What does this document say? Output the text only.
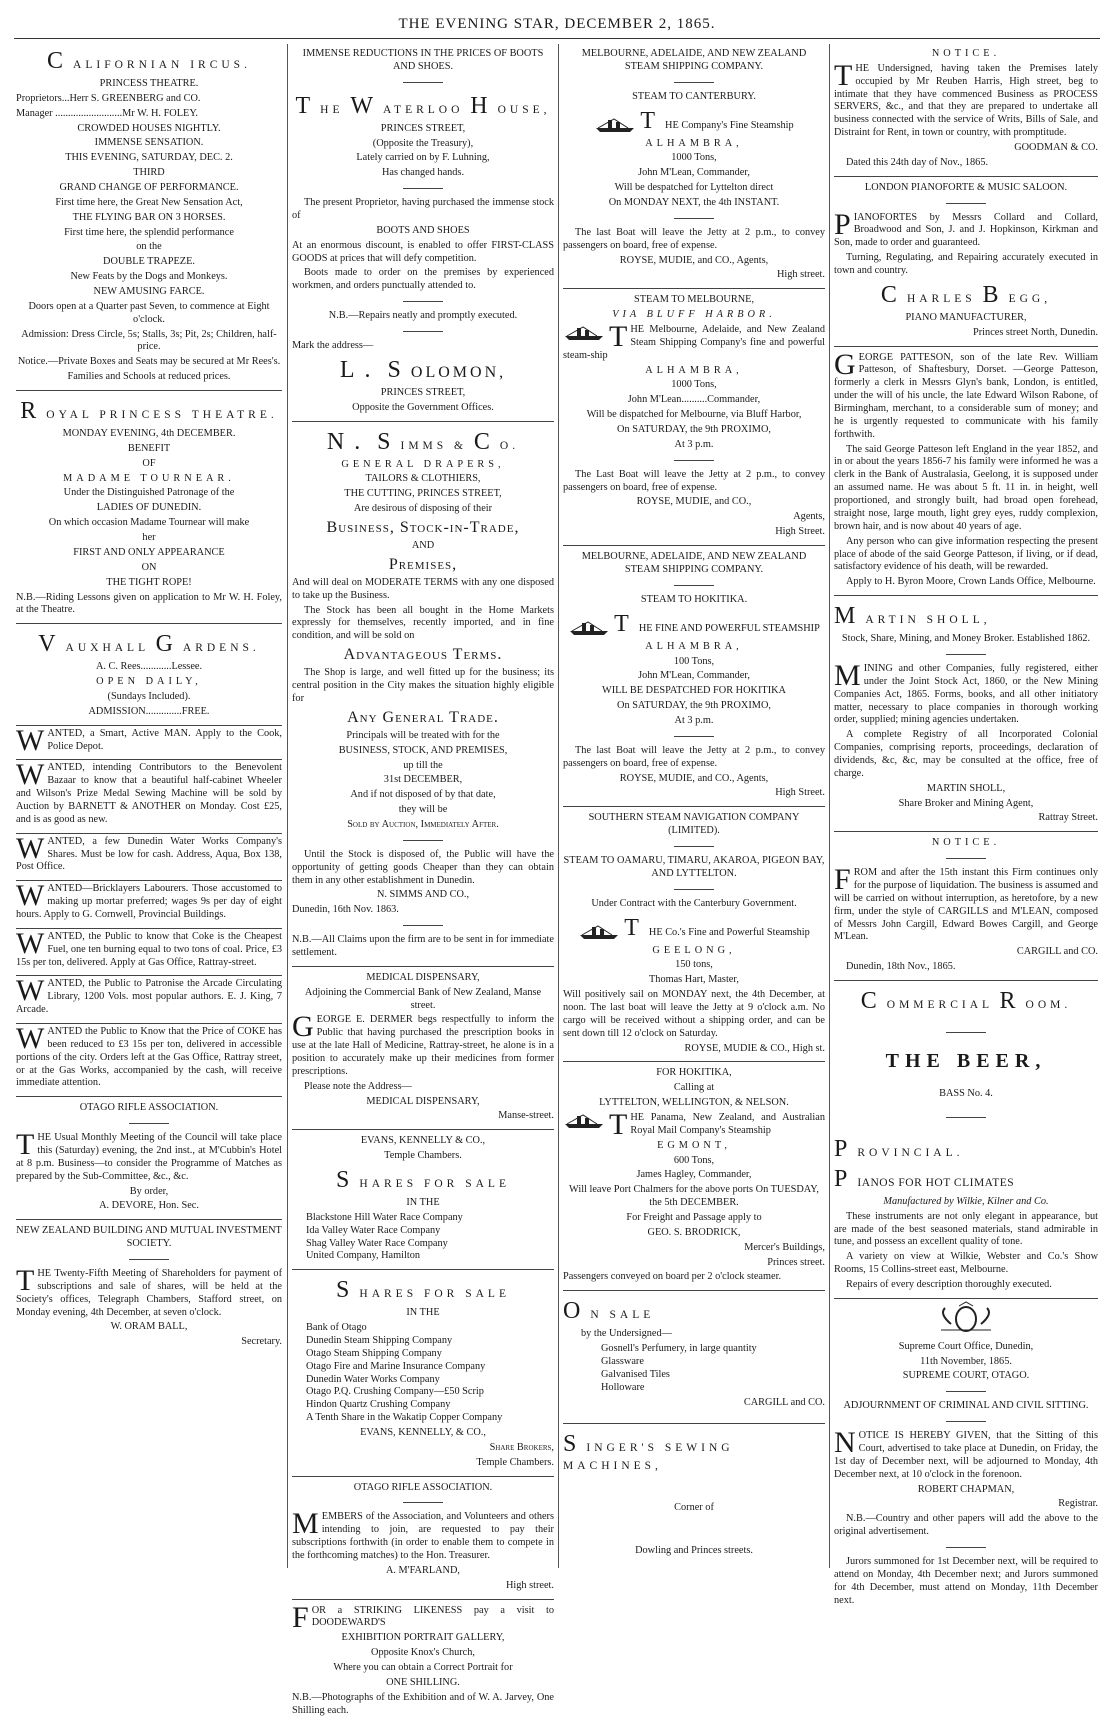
THE EVENING STAR, DECEMBER 2, 1865.
CALIFORNIAN IRCUS.

PRINCESS THEATRE.

Proprietors...Herr S. GREENBERG and CO.

Manager ..........................Mr W. H. FOLEY.

CROWDED HOUSES NIGHTLY.

IMMENSE SENSATION.

THIS EVENING, SATURDAY, DEC. 2.

THIRD

GRAND CHANGE OF PERFORMANCE.

First time here, the Great New Sensation Act,

THE FLYING BAR ON 3 HORSES.

First time here, the splendid performance

on the

DOUBLE TRAPEZE.

New Feats by the Dogs and Monkeys.

NEW AMUSING FARCE.

Doors open at a Quarter past Seven, to commence at Eight o'clock.

Admission: Dress Circle, 5s; Stalls, 3s; Pit, 2s; Children, half-price.

Notice.—Private Boxes and Seats may be secured at Mr Rees's.

Families and Schools at reduced prices.

ROYAL PRINCESS THEATRE.

MONDAY EVENING, 4th DECEMBER.

BENEFIT

OF

MADAME TOURNEAR.

Under the Distinguished Patronage of the

LADIES OF DUNEDIN.

On which occasion Madame Tournear will make

her

FIRST AND ONLY APPEARANCE

ON

THE TIGHT ROPE!

N.B.—Riding Lessons given on application to Mr W. H. Foley, at the Theatre.

VAUXHALL GARDENS.

A. C. Rees............Lessee.

OPEN DAILY,

(Sundays Included).

ADMISSION..............FREE.

WANTED, a Smart, Active MAN. Apply to the Cook, Police Depot.
WANTED, intending Contributors to the Benevolent Bazaar to know that a beautiful half-cabinet Wheeler and Wilson's Prize Medal Sewing Machine will be sold by Auction by BARNETT & ANOTHER on Monday. Cost £25, and is as good as new.
WANTED, a few Dunedin Water Works Company's Shares. Must be low for cash. Address, Aqua, Box 138, Post Office.
WANTED—Bricklayers Labourers. Those accustomed to making up mortar preferred; wages 9s per day of eight hours. Apply to G. Cornwell, Provincial Buildings.
WANTED, the Public to know that Coke is the Cheapest Fuel, one ten burning equal to two tons of coal. Price, £3 15s per ton, delivered. Apply at Gas Office, Rattray-street.
WANTED, the Public to Patronise the Arcade Circulating Library, 1200 Vols. most popular authors. E. J. King, 7 Arcade.
WANTED the Public to Know that the Price of COKE has been reduced to £3 15s per ton, delivered in accessible portions of the city. Orders left at the Gas Office, Rattray street, or at the Gas Works, accompanied by the cash, will receive immediate attention.

OTAGO RIFLE ASSOCIATION.

THE Usual Monthly Meeting of the Council will take place this (Saturday) evening, the 2nd inst., at M'Cubbin's Hotel at 8 p.m. Business—to consider the Programme of Matches as prepared by the Sub-Committee, &c., &c.

By order,

A. DEVORE, Hon. Sec.

NEW ZEALAND BUILDING AND MUTUAL INVESTMENT SOCIETY.

THE Twenty-Fifth Meeting of Shareholders for payment of subscriptions and sale of shares, will be held at the Society's offices, Telegraph Chambers, Stafford street, on Monday evening, 4th December, at seven o'clock.

W. ORAM BALL,

Secretary.

IMMENSE REDUCTIONS IN THE PRICES OF BOOTS AND SHOES.

THE WATERLOO HOUSE,

PRINCES STREET,

(Opposite the Treasury),

Lately carried on by F. Luhning,

Has changed hands.

The present Proprietor, having purchased the immense stock of

BOOTS AND SHOES

At an enormous discount, is enabled to offer FIRST-CLASS GOODS at prices that will defy competition.

Boots made to order on the premises by experienced workmen, and orders punctually attended to.

N.B.—Repairs neatly and promptly executed.

Mark the address—

L. SOLOMON,

PRINCES STREET,

Opposite the Government Offices.

N. SIMMS & CO.

GENERAL DRAPERS,

TAILORS & CLOTHIERS,

THE CUTTING, PRINCES STREET,

Are desirous of disposing of their

Business, Stock-in-Trade,

AND

Premises,

And will deal on MODERATE TERMS with any one disposed to take up the Business.

The Stock has been all bought in the Home Markets expressly for themselves, recently imported, and in fine condition, and will be sold on

Advantageous Terms.

The Shop is large, and well fitted up for the business; its central position in the City makes the situation highly eligible for

Any General Trade.

Principals will be treated with for the

BUSINESS, STOCK, AND PREMISES,

up till the

31st DECEMBER,

And if not disposed of by that date,

they will be

Sold by Auction, Immediately After.

Until the Stock is disposed of, the Public will have the opportunity of getting goods Cheaper than they can obtain them in any other establishment in Dunedin.

N. SIMMS AND CO.,

Dunedin, 16th Nov. 1863.

N.B.—All Claims upon the firm are to be sent in for immediate settlement.

MEDICAL DISPENSARY,

Adjoining the Commercial Bank of New Zealand, Manse street.

GEORGE E. DERMER begs respectfully to inform the Public that having purchased the prescription books in use at the late Hall of Medicine, Rattray-street, he alone is in a position to accurately make up their medicines from former prescriptions.

Please note the Address—

MEDICAL DISPENSARY,

Manse-street.

EVANS, KENNELLY & CO.,

Temple Chambers.

SHARES FOR SALE

IN THE

Blackstone Hill Water Race Company

Ida Valley Water Race Company

Shag Valley Water Race Company

United Company, Hamilton

SHARES FOR SALE

IN THE

Bank of Otago

Dunedin Steam Shipping Company

Otago Steam Shipping Company

Otago Fire and Marine Insurance Company

Dunedin Water Works Company

Otago P.Q. Crushing Company—£50 Scrip

Hindon Quartz Crushing Company

A Tenth Share in the Wakatip Copper Company

EVANS, KENNELLY, & CO.,

Share Brokers,

Temple Chambers.

OTAGO RIFLE ASSOCIATION.

MEMBERS of the Association, and Volunteers and others intending to join, are requested to pay their subscriptions forthwith (in order to enable them to compete in the forthcoming matches) to the Hon. Treasurer.

A. M'FARLAND,

High street.

FOR a STRIKING LIKENESS pay a visit to DOODEWARD'S

EXHIBITION PORTRAIT GALLERY,

Opposite Knox's Church,

Where you can obtain a Correct Portrait for

ONE SHILLING.

N.B.—Photographs of the Exhibition and of W. A. Jarvey, One Shilling each.

MELBOURNE, ADELAIDE, AND NEW ZEALAND STEAM SHIPPING COMPANY.

STEAM TO CANTERBURY.

THE Company's Fine Steamship

ALHAMBRA,

1000 Tons,

John M'Lean, Commander,

Will be despatched for Lyttelton direct

On MONDAY NEXT, the 4th INSTANT.

The last Boat will leave the Jetty at 2 p.m., to convey passengers on board, free of expense.

ROYSE, MUDIE, and CO., Agents,

High street.

STEAM TO MELBOURNE,

VIA BLUFF HARBOR.

THE Melbourne, Adelaide, and New Zealand Steam Shipping Company's fine and powerful steam-ship

ALHAMBRA,

1000 Tons,

John M'Lean..........Commander,

Will be dispatched for Melbourne, via Bluff Harbor,

On SATURDAY, the 9th PROXIMO,

At 3 p.m.

The Last Boat will leave the Jetty at 2 p.m., to convey passengers on board, free of expense.

ROYSE, MUDIE, and CO.,

Agents,

High Street.

MELBOURNE, ADELAIDE, AND NEW ZEALAND STEAM SHIPPING COMPANY.

STEAM TO HOKITIKA.

THE FINE AND POWERFUL STEAMSHIP

ALHAMBRA,

100 Tons,

John M'Lean, Commander,

WILL BE DESPATCHED FOR HOKITIKA

On SATURDAY, the 9th PROXIMO,

At 3 p.m.

The last Boat will leave the Jetty at 2 p.m., to convey passengers on board, free of expense.

ROYSE, MUDIE, and CO., Agents,

High Street.

SOUTHERN STEAM NAVIGATION COMPANY (LIMITED).

STEAM TO OAMARU, TIMARU, AKAROA, PIGEON BAY, AND LYTTELTON.

Under Contract with the Canterbury Government.

THE Co.'s Fine and Powerful Steamship

GEELONG,

150 tons,

Thomas Hart, Master,

Will positively sail on MONDAY next, the 4th December, at noon. The last boat will leave the Jetty at 9 o'clock a.m. No cargo will be received without a shipping order, and can be sent down till 12 o'clock on Saturday.

ROYSE, MUDIE & CO., High st.

FOR HOKITIKA,

Calling at

LYTTELTON, WELLINGTON, & NELSON.

THE Panama, New Zealand, and Australian Royal Mail Company's Steamship

EGMONT,

600 Tons,

James Hagley, Commander,

Will leave Port Chalmers for the above ports On TUESDAY, the 5th DECEMBER.

For Freight and Passage apply to

GEO. S. BRODRICK,

Mercer's Buildings,

Princes street.

Passengers conveyed on board per 2 o'clock steamer.

ON SALE

by the Undersigned—

Gosnell's Perfumery, in large quantity

Glassware

Galvanised Tiles

Holloware

CARGILL and CO.

SINGER'S SEWING MACHINES,

Corner of

Dowling and Princes streets.

NOTICE.

THE Undersigned, having taken the Premises lately occupied by Mr Reuben Harris, High street, beg to intimate that they have commenced Business as PROCESS SERVERS, &c., and that they are prepared to undertake all business connected with the service of Writs, Bills of Sale, and Distraint for Rent, in town or country, with promptitude.

GOODMAN & CO.

Dated this 24th day of Nov., 1865.

LONDON PIANOFORTE & MUSIC SALOON.

PIANOFORTES by Messrs Collard and Collard, Broadwood and Son, J. and J. Hopkinson, Kirkman and Son, made to order and guaranteed.

Turning, Regulating, and Repairing accurately executed in town and country.

CHARLES BEGG,

PIANO MANUFACTURER,

Princes street North, Dunedin.

GEORGE PATTESON, son of the late Rev. William Patteson, of Shaftesbury, Dorset. —George Patteson, formerly a clerk in Messrs Glyn's bank, London, is entitled, under the will of his uncle, the late Edward Wilson Rabone, of Birmingham, merchant, to a considerable sum of money; and he is urgently requested to communicate with his family forthwith.

The said George Patteson left England in the year 1852, and in or about the years 1856-7 his family were informed he was a clerk in the Bank of Australasia, Geelong, it is supposed under an assumed name. He was about 5 ft. 11 in. in height, well proportioned, and strongly built, had broad open forehead, straight nose, large mouth, light grey eyes, ruddy complexion, brown hair, and is now about 40 years of age.

Any person who can give information respecting the present place of abode of the said George Patteson, if living, or if dead, satisfactory evidence of his death, will be rewarded.

Apply to H. Byron Moore, Crown Lands Office, Melbourne.

MARTIN SHOLL,

Stock, Share, Mining, and Money Broker. Established 1862.

MINING and other Companies, fully registered, either under the Joint Stock Act, 1860, or the New Mining Companies Act, 1865. Forms, books, and all other initiatory matter, necessary to place companies in thorough working order, supplied; mining agencies undertaken.

A complete Registry of all Incorporated Colonial Companies, comprising reports, proceedings, declaration of dividends, &c, &c, may be consulted at the office, free of charge.

MARTIN SHOLL,

Share Broker and Mining Agent,

Rattray Street.

NOTICE.

FROM and after the 15th instant this Firm continues only for the purpose of liquidation. The business is assumed and will be carried on without interruption, as heretofore, by a new firm, under the style of CARGILLS and M'LEAN, composed of Messrs John Cargill, Edward Bowes Cargill, and George M'Lean.

CARGILL and CO.

Dunedin, 18th Nov., 1865.

COMMERCIAL ROOM.

THE BEER,

BASS No. 4.

PROVINCIAL.
PIANOS FOR HOT CLIMATES

Manufactured by Wilkie, Kilner and Co.

These instruments are not only elegant in appearance, but are made of the best seasoned materials, stand admirable in tune, and possess an excellent quality of tone.

A variety on view at Wilkie, Webster and Co.'s Show Rooms, 15 Collins-street east, Melbourne.

Repairs of every description thoroughly executed.

Supreme Court Office, Dunedin,

11th November, 1865.

SUPREME COURT, OTAGO.

ADJOURNMENT OF CRIMINAL AND CIVIL SITTING.

NOTICE IS HEREBY GIVEN, that the Sitting of this Court, advertised to take place at Dunedin, on Friday, the 1st day of December next, will be adjourned to Monday, 4th December next, at 10 o'clock in the forenoon.

ROBERT CHAPMAN,

Registrar.

N.B.—Country and other papers will add the above to the original advertisement.

Jurors summoned for 1st December next, will be required to attend on Monday, 4th December next; and Jurors summoned for 4th December, must attend on Monday, 11th December next.
